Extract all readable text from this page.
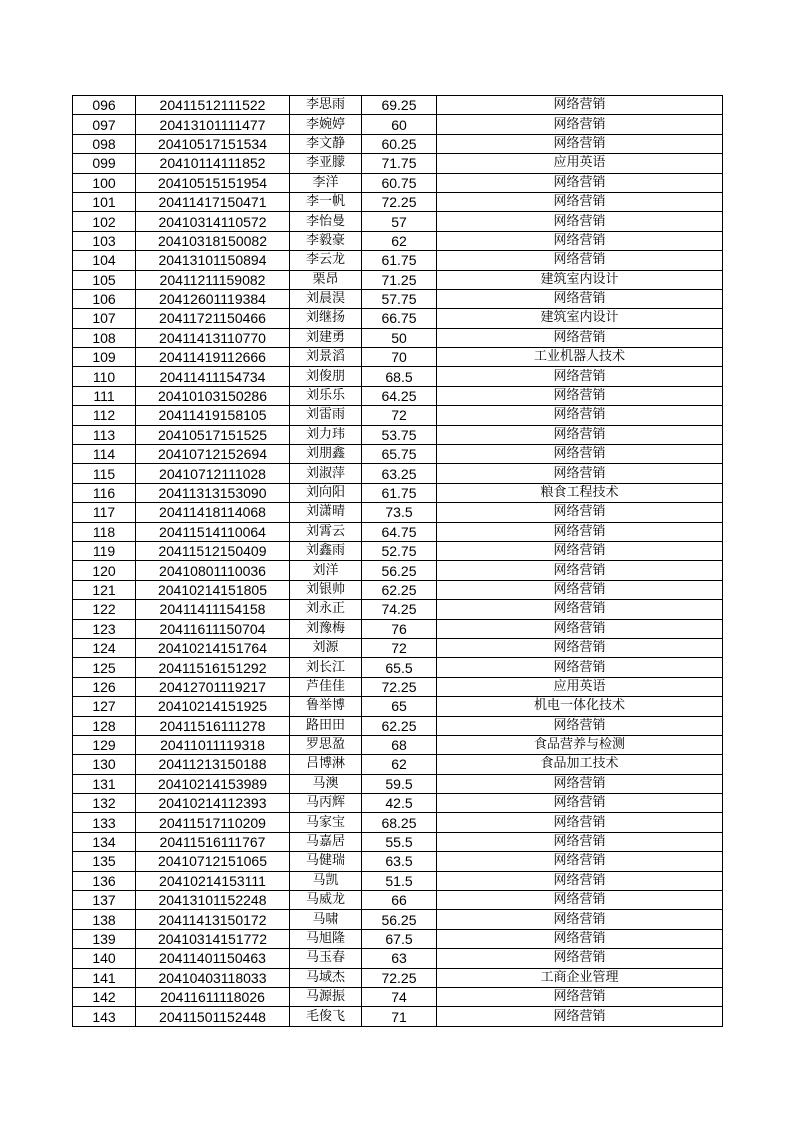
096	20411512111522	李思雨	69.25	网络营销
097	20413101111477	李婉婷	60	网络营销
098	20410517151534	李文静	60.25	网络营销
099	20410114111852	李亚朦	71.75	应用英语
100	20410515151954	李洋	60.75	网络营销
101	20411417150471	李一帆	72.25	网络营销
102	20410314110572	李怡曼	57	网络营销
103	20410318150082	李毅豪	62	网络营销
104	20413101150894	李云龙	61.75	网络营销
105	20411211159082	栗昂	71.25	建筑室内设计
106	20412601119384	刘晨淏	57.75	网络营销
107	20411721150466	刘继扬	66.75	建筑室内设计
108	20411413110770	刘建勇	50	网络营销
109	20411419112666	刘景滔	70	工业机器人技术
110	20411411154734	刘俊朋	68.5	网络营销
111	20410103150286	刘乐乐	64.25	网络营销
112	20411419158105	刘雷雨	72	网络营销
113	20410517151525	刘力玮	53.75	网络营销
114	20410712152694	刘朋鑫	65.75	网络营销
115	20410712111028	刘淑萍	63.25	网络营销
116	20411313153090	刘向阳	61.75	粮食工程技术
117	20411418114068	刘潇晴	73.5	网络营销
118	20411514110064	刘霄云	64.75	网络营销
119	20411512150409	刘鑫雨	52.75	网络营销
120	20410801110036	刘洋	56.25	网络营销
121	20410214151805	刘银帅	62.25	网络营销
122	20411411154158	刘永正	74.25	网络营销
123	20411611150704	刘豫梅	76	网络营销
124	20410214151764	刘源	72	网络营销
125	20411516151292	刘长江	65.5	网络营销
126	20412701119217	芦佳佳	72.25	应用英语
127	20410214151925	鲁举博	65	机电一体化技术
128	20411516111278	路田田	62.25	网络营销
129	20411011119318	罗思盈	68	食品营养与检测
130	20411213150188	吕博淋	62	食品加工技术
131	20410214153989	马澳	59.5	网络营销
132	20410214112393	马丙辉	42.5	网络营销
133	20411517110209	马家宝	68.25	网络营销
134	20411516111767	马嘉居	55.5	网络营销
135	20410712151065	马健瑞	63.5	网络营销
136	20410214153111	马凯	51.5	网络营销
137	20413101152248	马威龙	66	网络营销
138	20411413150172	马啸	56.25	网络营销
139	20410314151772	马旭隆	67.5	网络营销
140	20411401150463	马玉春	63	网络营销
141	20410403118033	马域杰	72.25	工商企业管理
142	20411611118026	马源振	74	网络营销
143	20411501152448	毛俊飞	71	网络营销
